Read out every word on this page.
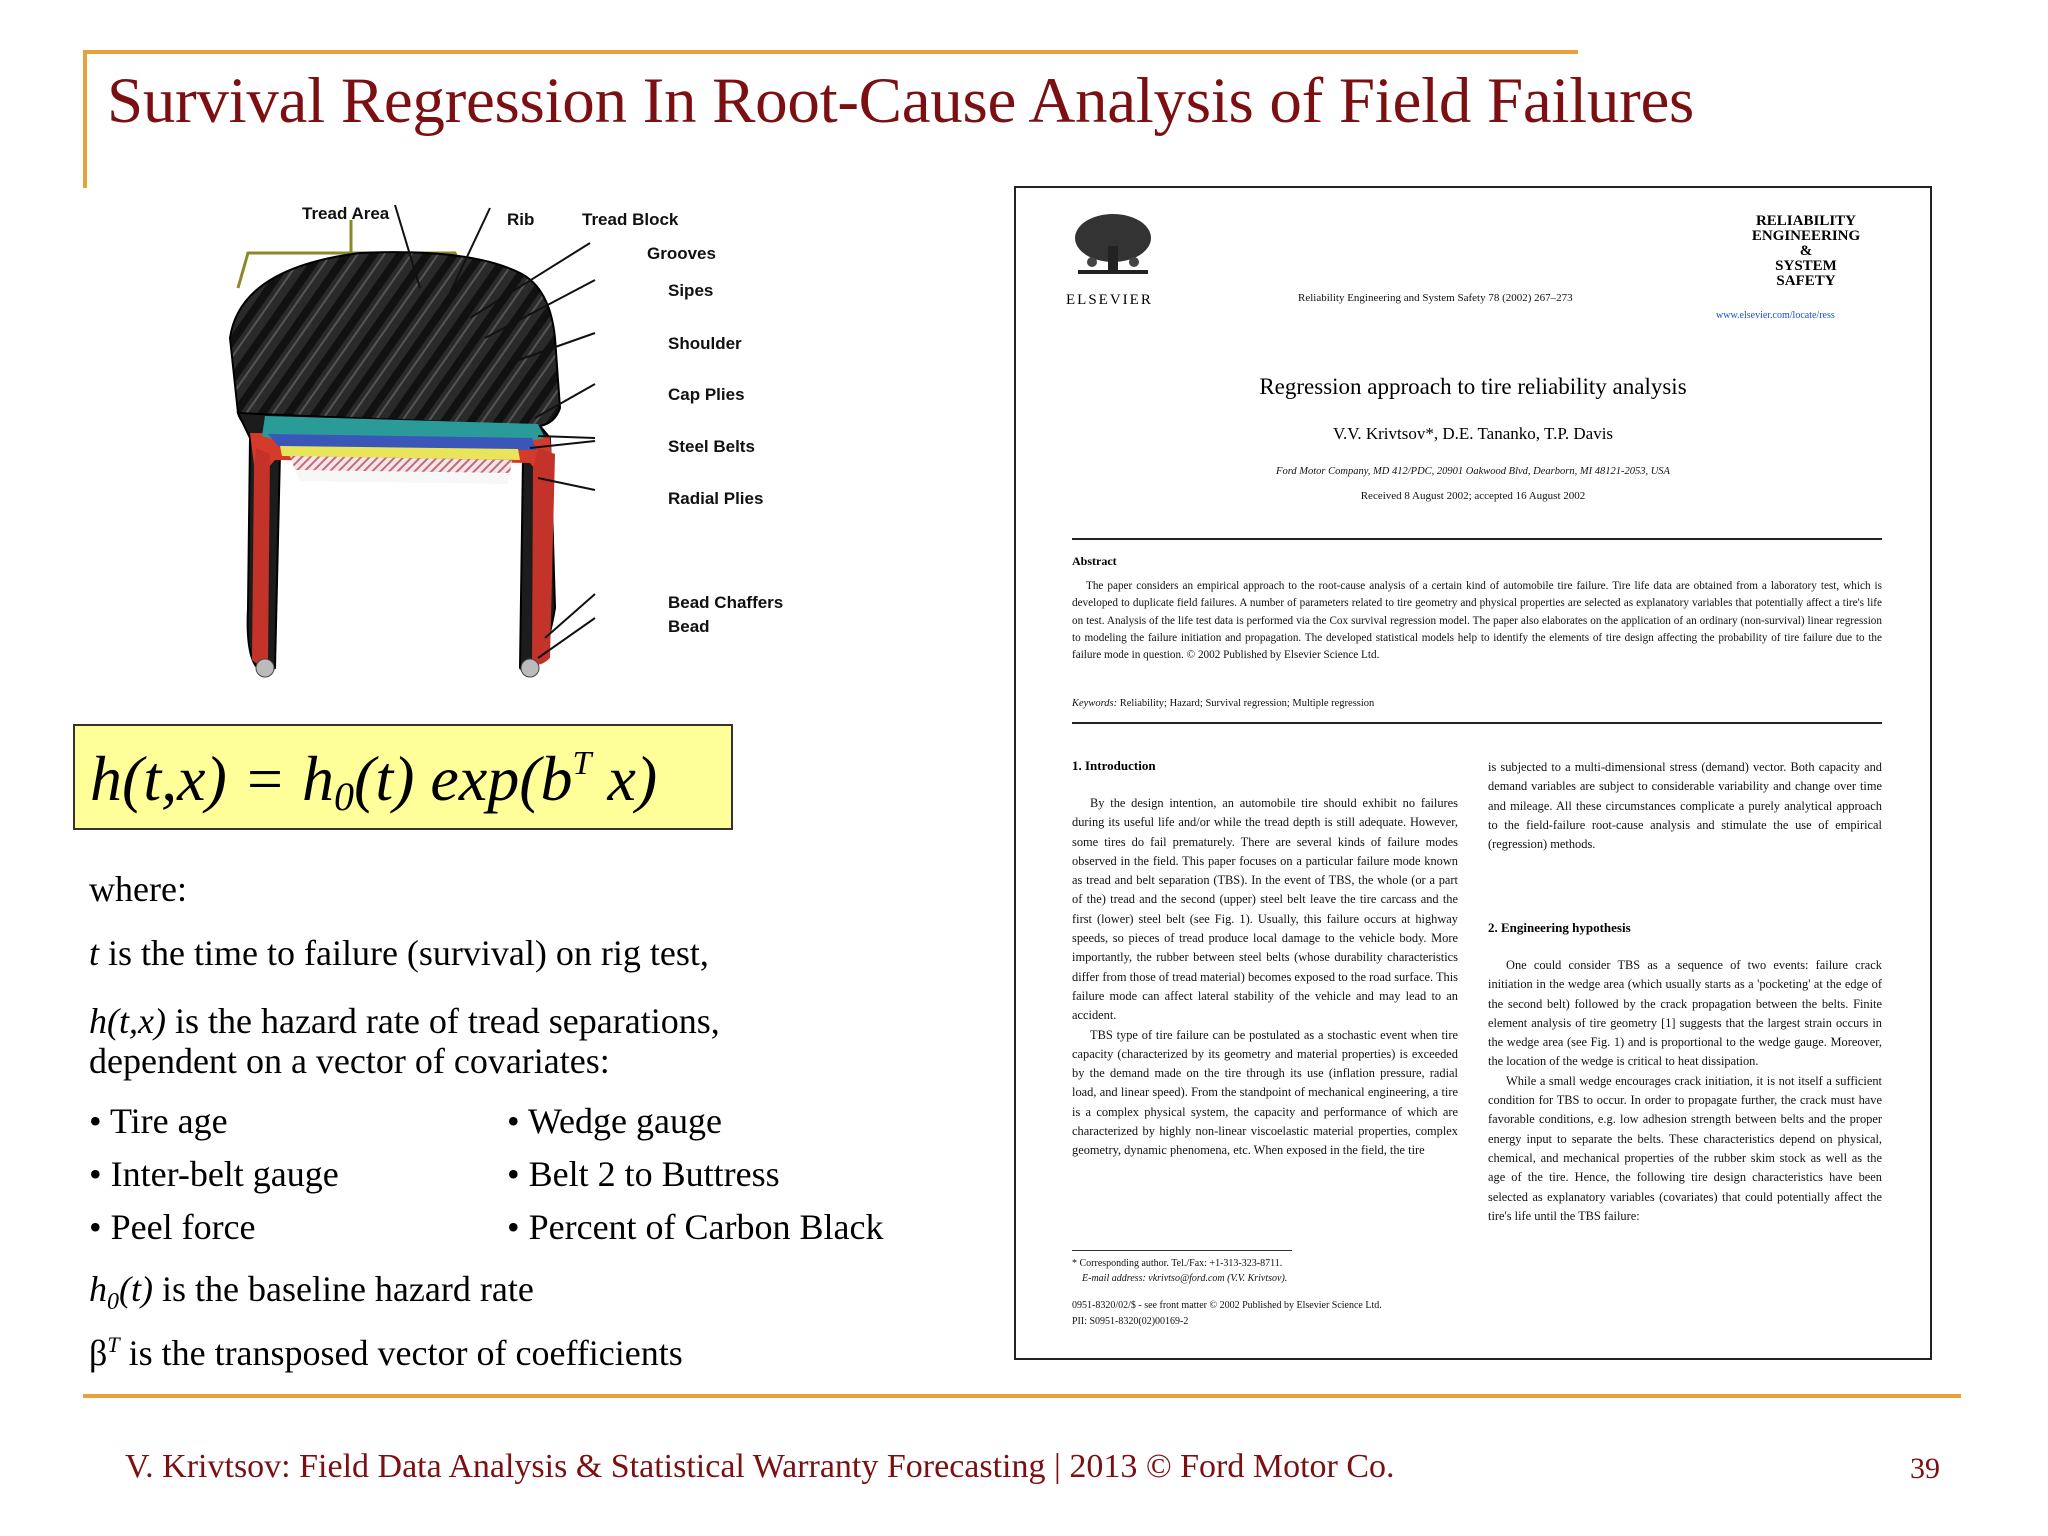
Survival Regression In Root-Cause Analysis of Field Failures
Tread Area	Rib	Tread Block
Grooves
Sipes
Shoulder
Cap Plies
Steel Belts
Radial Plies
Bead Chaffers
Bead
$h(t,x) = h_0(t)$ $\exp(b^T$ x)
where:
t is the time to failure (survival) on rig test,
h(t,x) is the hazard rate of tread separations,
dependent on a vector of covariates:
• Tire age
• Inter-belt gauge
• Peel force
• Wedge gauge
• Belt 2 to Buttress
• Percent of Carbon Black
$h_0(t)$ is the baseline hazard rate
$\beta^T$ is the transposed vector of coefficients
ELSEVIER	Reliability Engineering and System Safety 78 (2002) 267–273
RELIABILITY
ENGINEERING
&
SYSTEM
SAFETY
www.elsevier.com/locate/ress
Regression approach to tire reliability analysis
V.V. Krivtsov*, D.E. Tananko, T.P. Davis
Ford Motor Company, MD 412/PDC, 20901 Oakwood Blvd, Dearborn, MI 48121-2053, USA
Received 8 August 2002; accepted 16 August 2002
Abstract
The paper considers an empirical approach to the root-cause analysis of a certain kind of automobile tire failure. Tire life data are obtained from a laboratory test, which is developed to duplicate field failures. A number of parameters related to tire geometry and physical properties are selected as explanatory variables that potentially affect a tire's life on test. Analysis of the life test data is performed via the Cox survival regression model. The paper also elaborates on the application of an ordinary (non-survival) linear regression to modeling the failure initiation and propagation. The developed statistical models help to identify the elements of tire design affecting the probability of tire failure due to the failure mode in question. © 2002 Published by Elsevier Science Ltd.
Keywords: Reliability; Hazard; Survival regression; Multiple regression
1. Introduction

By the design intention, an automobile tire should exhibit no failures during its useful life and/or while the tread depth is still adequate. However, some tires do fail prematurely. There are several kinds of failure modes observed in the field. This paper focuses on a particular failure mode known as tread and belt separation (TBS). In the event of TBS, the whole (or a part of the) tread and the second (upper) steel belt leave the tire carcass and the first (lower) steel belt (see Fig. 1). Usually, this failure occurs at highway speeds, so pieces of tread produce local damage to the vehicle body. More importantly, the rubber between steel belts (whose durability characteristics differ from those of tread material) becomes exposed to the road surface. This failure mode can affect lateral stability of the vehicle and may lead to an accident.

TBS type of tire failure can be postulated as a stochastic event when tire capacity (characterized by its geometry and material properties) is exceeded by the demand made on the tire through its use (inflation pressure, radial load, and linear speed). From the standpoint of mechanical engineering, a tire is a complex physical system, the capacity and performance of which are characterized by highly non-linear viscoelastic material properties, complex geometry, dynamic phenomena, etc. When exposed in the field, the tire

* Corresponding author. Tel./Fax: +1-313-323-8711.
E-mail address: vkrivtso@ford.com (V.V. Krivtsov).
0951-8320/02/$ - see front matter © 2002 Published by Elsevier Science Ltd.
PII: S0951-8320(02)00169-2

is subjected to a multi-dimensional stress (demand) vector. Both capacity and demand variables are subject to considerable variability and change over time and mileage. All these circumstances complicate a purely analytical approach to the field-failure root-cause analysis and stimulate the use of empirical (regression) methods.

2. Engineering hypothesis

One could consider TBS as a sequence of two events: failure crack initiation in the wedge area (which usually starts as a 'pocketing' at the edge of the second belt) followed by the crack propagation between the belts. Finite element analysis of tire geometry [1] suggests that the largest strain occurs in the wedge area (see Fig. 1) and is proportional to the wedge gauge. Moreover, the location of the wedge is critical to heat dissipation.

While a small wedge encourages crack initiation, it is not itself a sufficient condition for TBS to occur. In order to propagate further, the crack must have favorable conditions, e.g. low adhesion strength between belts and the proper energy input to separate the belts. These characteristics depend on physical, chemical, and mechanical properties of the rubber skim stock as well as the age of the tire. Hence, the following tire design characteristics have been selected as explanatory variables (covariates) that could potentially affect the tire's life until the TBS failure:

V. Krivtsov: Field Data Analysis & Statistical Warranty Forecasting | 2013 © Ford Motor Co.	39
